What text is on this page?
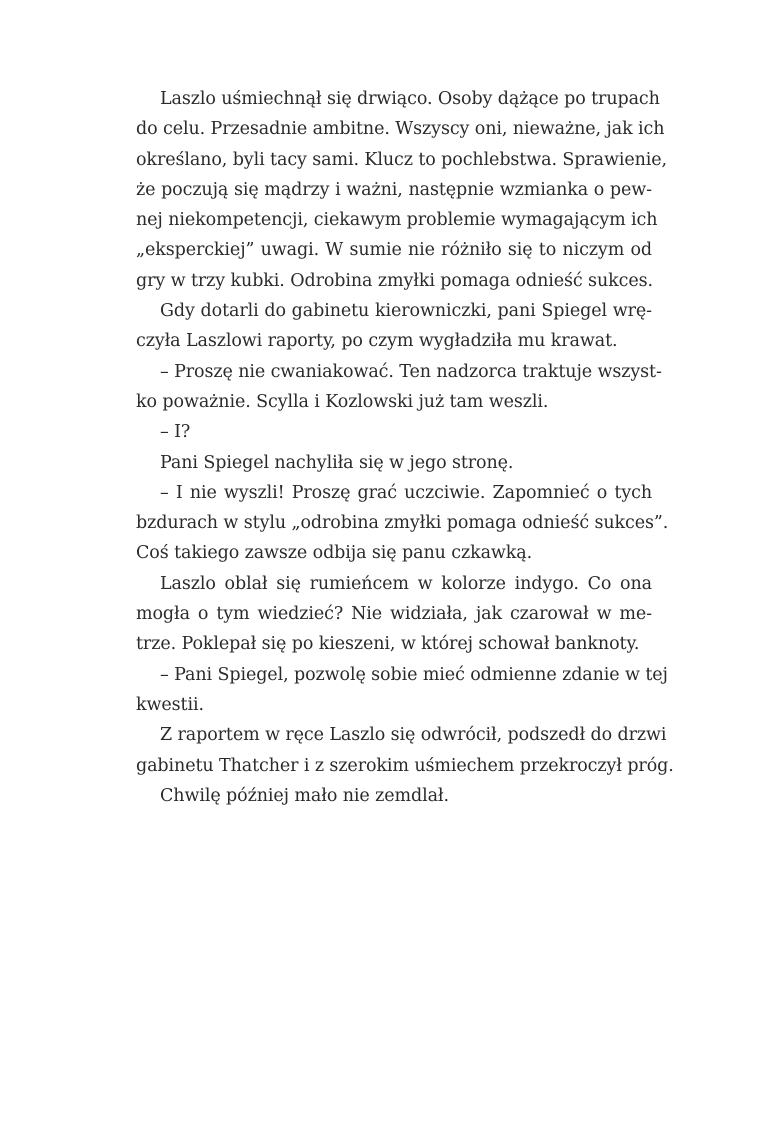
Laszlo uśmiechnął się drwiąco. Osoby dążące po trupach
do celu. Przesadnie ambitne. Wszyscy oni, nieważne, jak ich
określano, byli tacy sami. Klucz to pochlebstwa. Sprawienie,
że poczują się mądrzy i ważni, następnie wzmianka o pew-
nej niekompetencji, ciekawym problemie wymagającym ich
„eksperckiej” uwagi. W sumie nie różniło się to niczym od
gry w trzy kubki. Odrobina zmyłki pomaga odnieść sukces.
Gdy dotarli do gabinetu kierowniczki, pani Spiegel wrę-
czyła Laszlowi raporty, po czym wygładziła mu krawat.
– Proszę nie cwaniakować. Ten nadzorca traktuje wszyst-
ko poważnie. Scylla i Kozlowski już tam weszli.
– I?
Pani Spiegel nachyliła się w jego stronę.
– I nie wyszli! Proszę grać uczciwie. Zapomnieć o tych
bzdurach w stylu „odrobina zmyłki pomaga odnieść sukces”.
Coś takiego zawsze odbija się panu czkawką.
Laszlo oblał się rumieńcem w kolorze indygo. Co ona
mogła o tym wiedzieć? Nie widziała, jak czarował w me-
trze. Poklepał się po kieszeni, w której schował banknoty.
– Pani Spiegel, pozwolę sobie mieć odmienne zdanie w tej
kwestii.
Z raportem w ręce Laszlo się odwrócił, podszedł do drzwi
gabinetu Thatcher i z szerokim uśmiechem przekroczył próg.
Chwilę później mało nie zemdlał.
